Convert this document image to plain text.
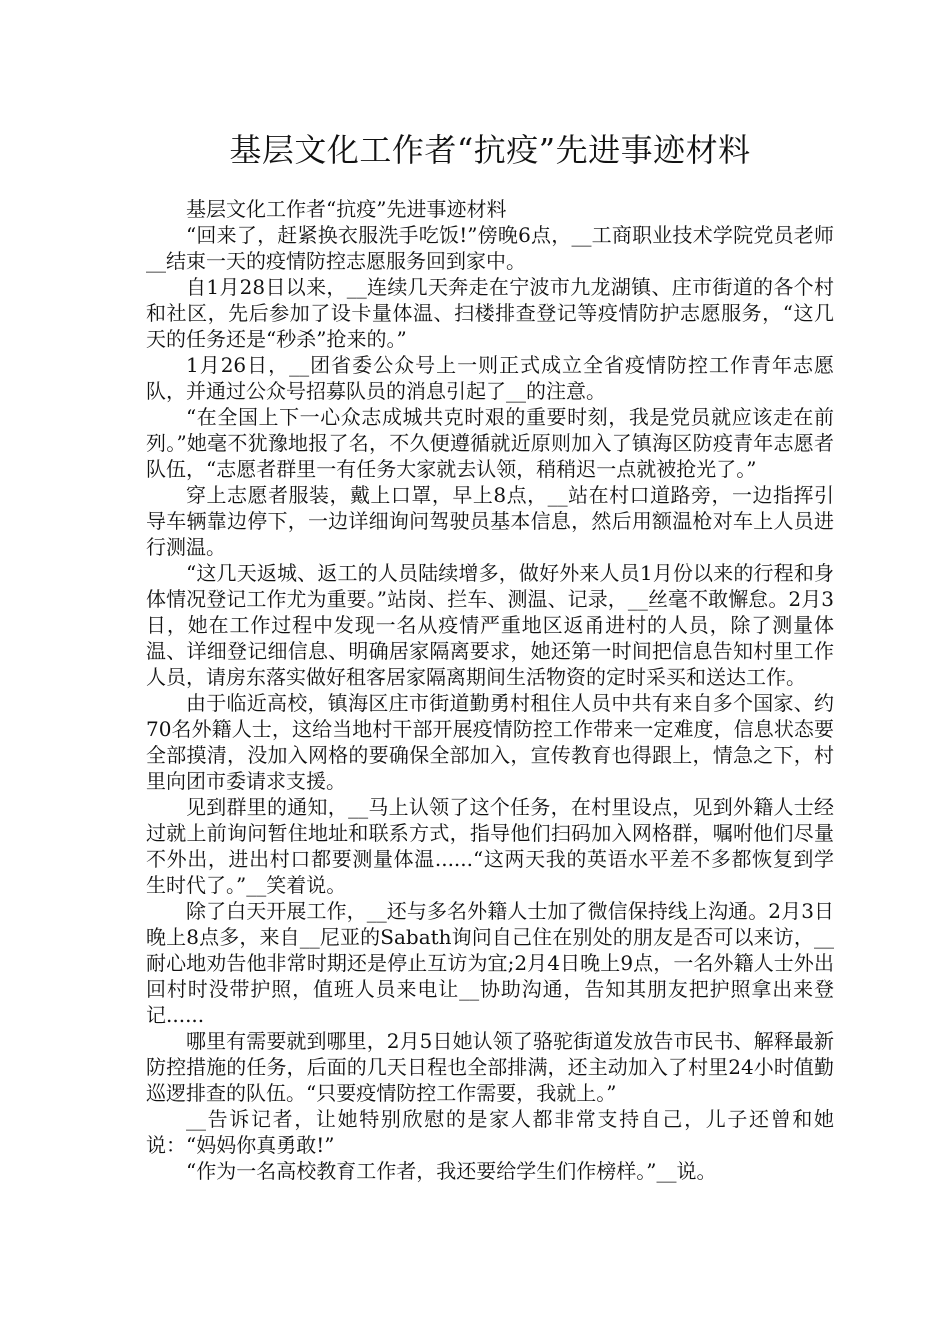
基层文化工作者“抗疫”先进事迹材料

基层文化工作者“抗疫”先进事迹材料

“回来了，赶紧换衣服洗手吃饭!”傍晚6点，__工商职业技术学院党员老师__结束一天的疫情防控志愿服务回到家中。

自1月28日以来，__连续几天奔走在宁波市九龙湖镇、庄市街道的各个村和社区，先后参加了设卡量体温、扫楼排查登记等疫情防护志愿服务，“这几天的任务还是“秒杀”抢来的。”

1月26日，__团省委公众号上一则正式成立全省疫情防控工作青年志愿队，并通过公众号招募队员的消息引起了__的注意。

“在全国上下一心众志成城共克时艰的重要时刻，我是党员就应该走在前列。”她毫不犹豫地报了名，不久便遵循就近原则加入了镇海区防疫青年志愿者队伍，“志愿者群里一有任务大家就去认领，稍稍迟一点就被抢光了。”

穿上志愿者服装，戴上口罩，早上8点，__站在村口道路旁，一边指挥引导车辆靠边停下，一边详细询问驾驶员基本信息，然后用额温枪对车上人员进行测温。

“这几天返城、返工的人员陆续增多，做好外来人员1月份以来的行程和身体情况登记工作尤为重要。”站岗、拦车、测温、记录，__丝毫不敢懈怠。2月3日，她在工作过程中发现一名从疫情严重地区返甬进村的人员，除了测量体温、详细登记细信息、明确居家隔离要求，她还第一时间把信息告知村里工作人员，请房东落实做好租客居家隔离期间生活物资的定时采买和送达工作。

由于临近高校，镇海区庄市街道勤勇村租住人员中共有来自多个国家、约70名外籍人士，这给当地村干部开展疫情防控工作带来一定难度，信息状态要全部摸清，没加入网格的要确保全部加入，宣传教育也得跟上，情急之下，村里向团市委请求支援。

见到群里的通知，__马上认领了这个任务，在村里设点，见到外籍人士经过就上前询问暂住地址和联系方式，指导他们扫码加入网格群，嘱咐他们尽量不外出，进出村口都要测量体温......“这两天我的英语水平差不多都恢复到学生时代了。”__笑着说。

除了白天开展工作，__还与多名外籍人士加了微信保持线上沟通。2月3日晚上8点多，来自__尼亚的Sabath询问自己住在别处的朋友是否可以来访，__耐心地劝告他非常时期还是停止互访为宜;2月4日晚上9点，一名外籍人士外出回村时没带护照，值班人员来电让__协助沟通，告知其朋友把护照拿出来登记......

哪里有需要就到哪里，2月5日她认领了骆驼街道发放告市民书、解释最新防控措施的任务，后面的几天日程也全部排满，还主动加入了村里24小时值勤巡逻排查的队伍。“只要疫情防控工作需要，我就上。”

__告诉记者，让她特别欣慰的是家人都非常支持自己，儿子还曾和她说：“妈妈你真勇敢!”

“作为一名高校教育工作者，我还要给学生们作榜样。”__说。
